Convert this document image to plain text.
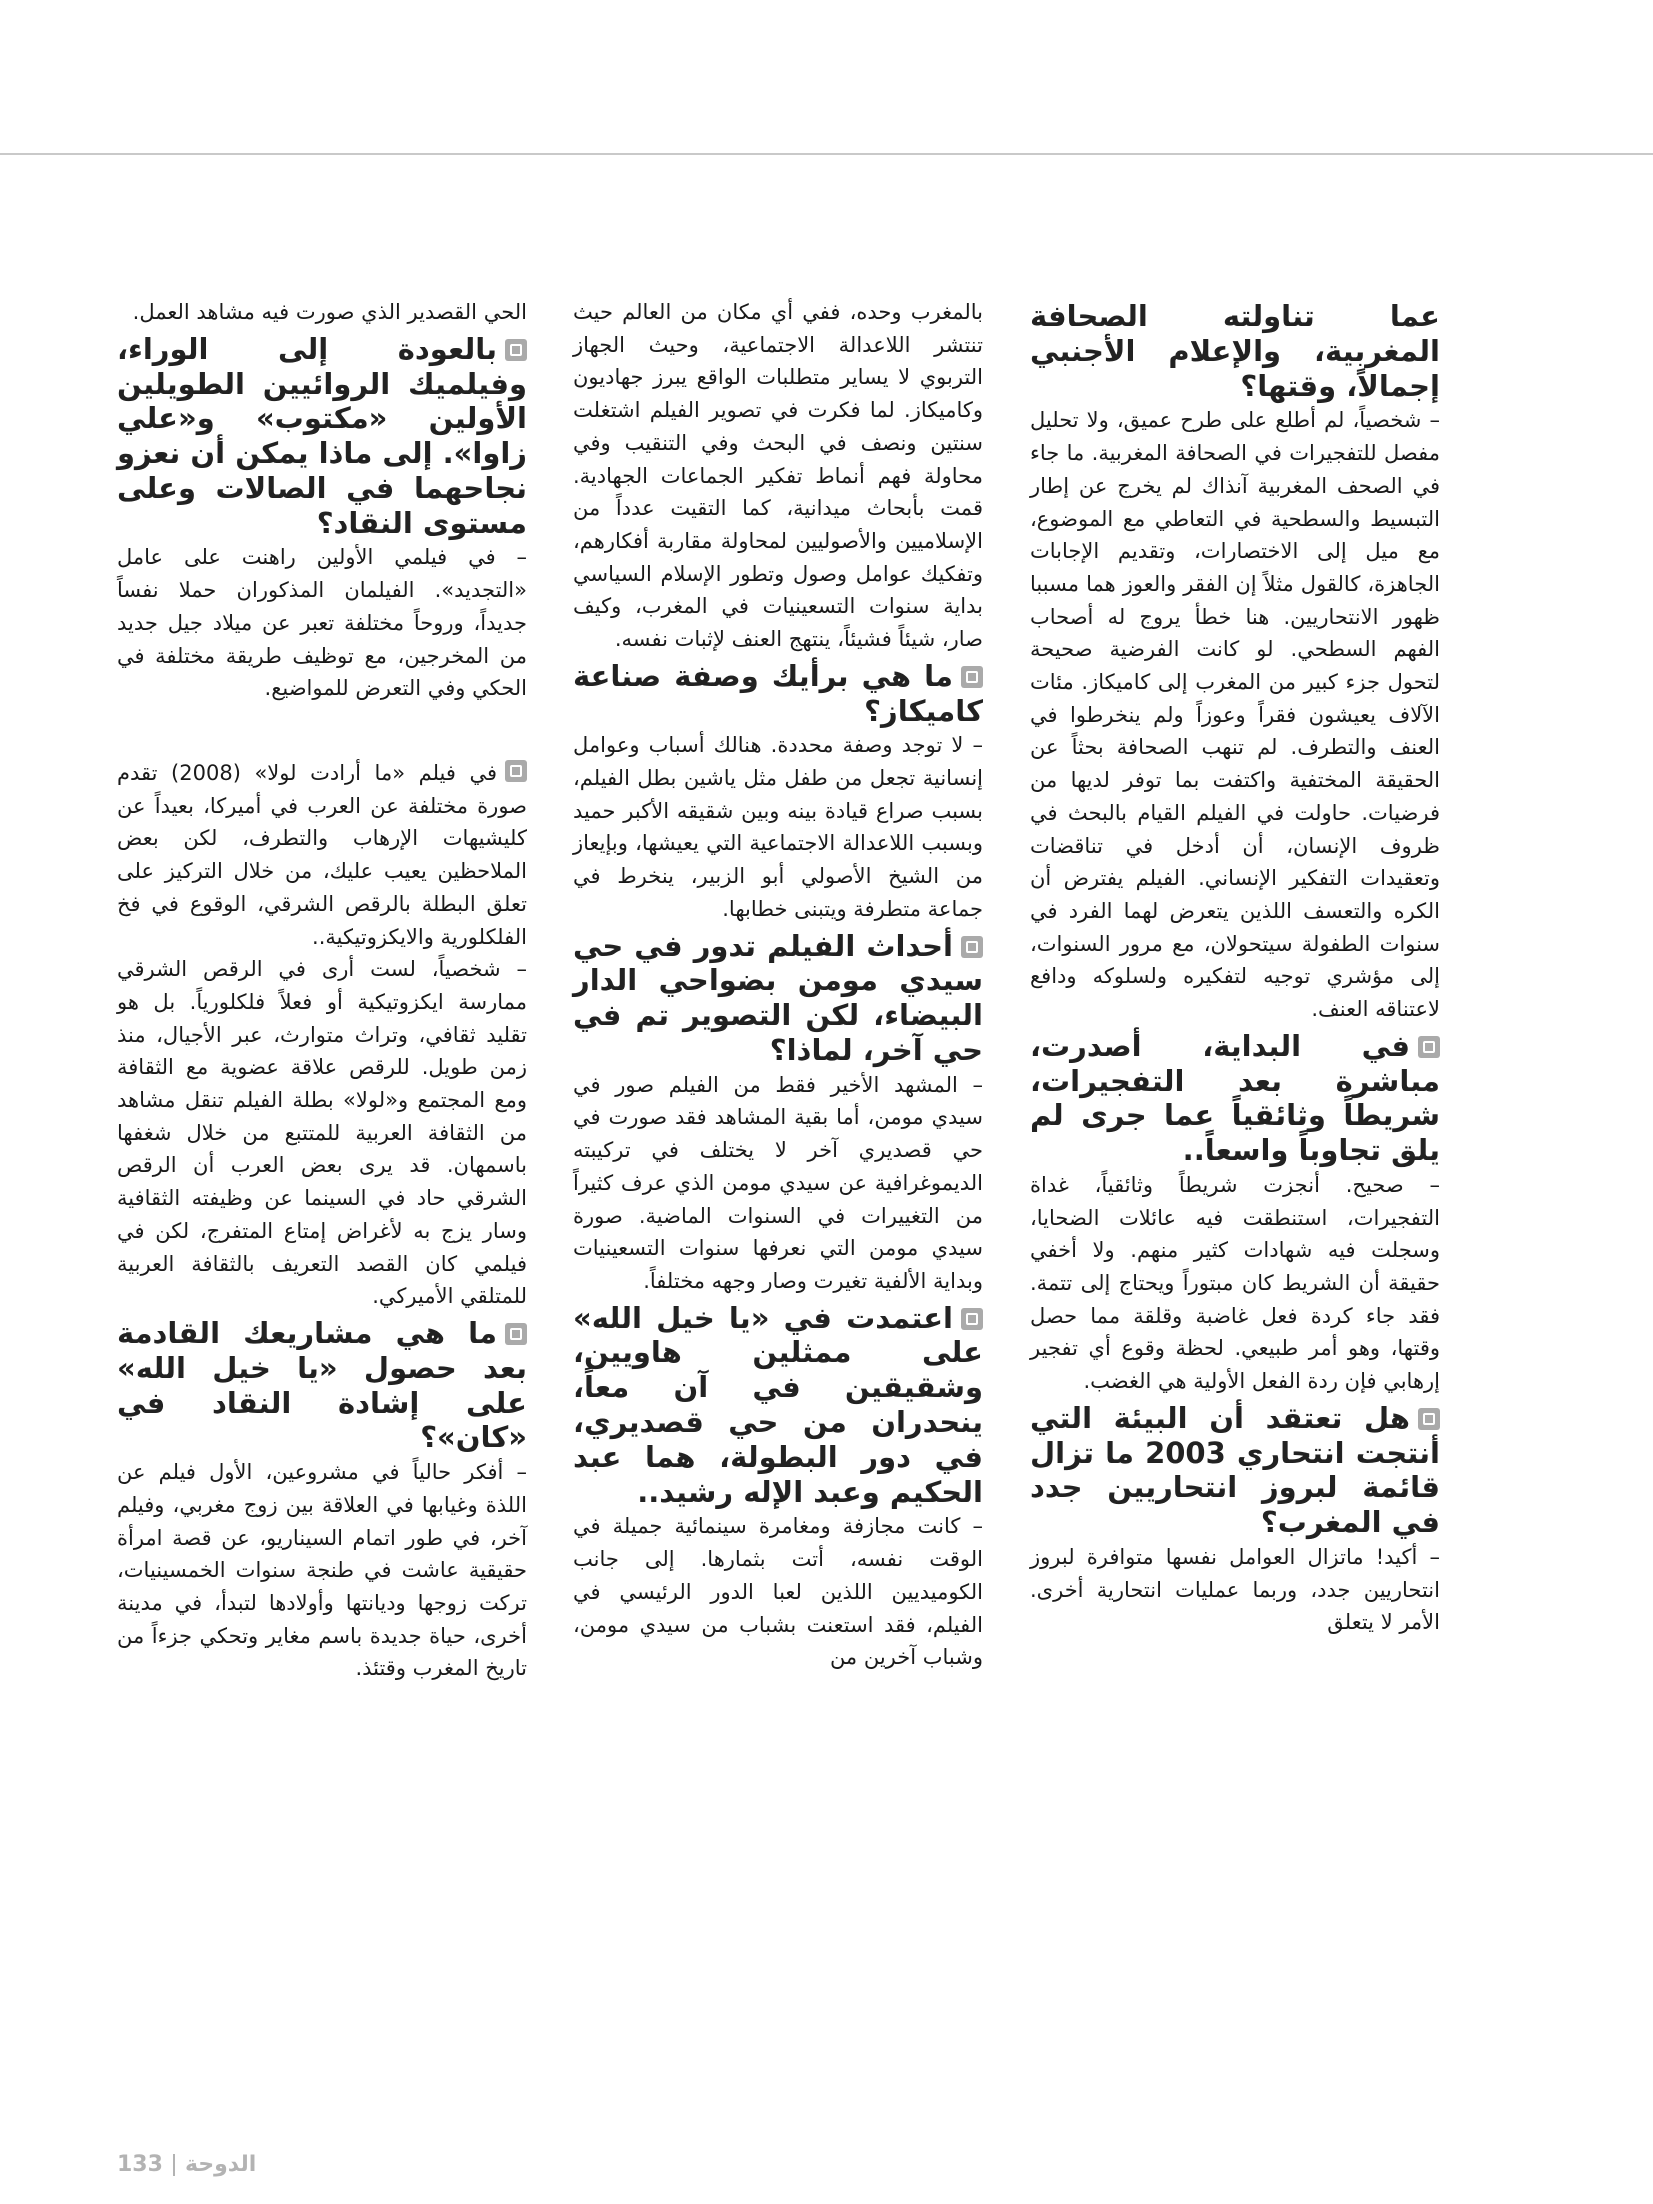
عما تناولته الصحافة المغربية، والإعلام الأجنبي إجمالاً، وقتها؟

– شخصياً، لم أطلع على طرح عميق، ولا تحليل مفصل للتفجيرات في الصحافة المغربية. ما جاء في الصحف المغربية آنذاك لم يخرج عن إطار التبسيط والسطحية في التعاطي مع الموضوع، مع ميل إلى الاختصارات، وتقديم الإجابات الجاهزة، كالقول مثلاً إن الفقر والعوز هما مسببا ظهور الانتحاريين. هنا خطأ يروج له أصحاب الفهم السطحي. لو كانت الفرضية صحيحة لتحول جزء كبير من المغرب إلى كاميكاز. مئات الآلاف يعيشون فقراً وعوزاً ولم ينخرطوا في العنف والتطرف. لم تنهب الصحافة بحثاً عن الحقيقة المختفية واكتفت بما توفر لديها من فرضيات. حاولت في الفيلم القيام بالبحث في ظروف الإنسان، أن أدخل في تناقضات وتعقيدات التفكير الإنساني. الفيلم يفترض أن الكره والتعسف اللذين يتعرض لهما الفرد في سنوات الطفولة سيتحولان، مع مرور السنوات، إلى مؤشري توجيه لتفكيره ولسلوكه ودافع لاعتناقه العنف.

في البداية، أصدرت، مباشرة بعد التفجيرات، شريطاً وثائقياً عما جرى لم يلق تجاوباً واسعاً..

– صحيح. أنجزت شريطاً وثائقياً، غداة التفجيرات، استنطقت فيه عائلات الضحايا، وسجلت فيه شهادات كثير منهم. ولا أخفي حقيقة أن الشريط كان مبتوراً ويحتاج إلى تتمة. فقد جاء كردة فعل غاضبة وقلقة مما حصل وقتها، وهو أمر طبيعي. لحظة وقوع أي تفجير إرهابي فإن ردة الفعل الأولية هي الغضب.

هل تعتقد أن البيئة التي أنتجت انتحاري 2003 ما تزال قائمة لبروز انتحاريين جدد في المغرب؟

– أكيد! ماتزال العوامل نفسها متوافرة لبروز انتحاريين جدد، وربما عمليات انتحارية أخرى. الأمر لا يتعلق

بالمغرب وحده، ففي أي مكان من العالم حيث تنتشر اللاعدالة الاجتماعية، وحيث الجهاز التربوي لا يساير متطلبات الواقع يبرز جهاديون وكاميكاز. لما فكرت في تصوير الفيلم اشتغلت سنتين ونصف في البحث وفي التنقيب وفي محاولة فهم أنماط تفكير الجماعات الجهادية. قمت بأبحاث ميدانية، كما التقيت عدداً من الإسلاميين والأصوليين لمحاولة مقاربة أفكارهم، وتفكيك عوامل وصول وتطور الإسلام السياسي بداية سنوات التسعينيات في المغرب، وكيف صار، شيئاً فشيئاً، ينتهج العنف لإثبات نفسه.

ما هي برأيك وصفة صناعة كاميكاز؟

– لا توجد وصفة محددة. هنالك أسباب وعوامل إنسانية تجعل من طفل مثل ياشين بطل الفيلم، بسبب صراع قيادة بينه وبين شقيقه الأكبر حميد وبسبب اللاعدالة الاجتماعية التي يعيشها، وبإيعاز من الشيخ الأصولي أبو الزبير، ينخرط في جماعة متطرفة ويتبنى خطابها.

أحداث الفيلم تدور في حي سيدي مومن بضواحي الدار البيضاء، لكن التصوير تم في حي آخر، لماذا؟

– المشهد الأخير فقط من الفيلم صور في سيدي مومن، أما بقية المشاهد فقد صورت في حي قصديري آخر لا يختلف في تركيبته الديموغرافية عن سيدي مومن الذي عرف كثيراً من التغييرات في السنوات الماضية. صورة سيدي مومن التي نعرفها سنوات التسعينيات وبداية الألفية تغيرت وصار وجهه مختلفاً.

اعتمدت في «يا خيل الله» على ممثلين هاويين، وشقيقين في آن معاً، ينحدران من حي قصديري، في دور البطولة، هما عبد الحكيم وعبد الإله رشيد..

– كانت مجازفة ومغامرة سينمائية جميلة في الوقت نفسه، أتت بثمارها. إلى جانب الكوميديين اللذين لعبا الدور الرئيسي في الفيلم، فقد استعنت بشباب من سيدي مومن، وشباب آخرين من

الحي القصدير الذي صورت فيه مشاهد العمل.

بالعودة إلى الوراء، وفيلميك الروائيين الطويلين الأولين «مكتوب» و«علي زاوا». إلى ماذا يمكن أن نعزو نجاحهما في الصالات وعلى مستوى النقاد؟

– في فيلمي الأولين راهنت على عامل «التجديد». الفيلمان المذكوران حملا نفساً جديداً، وروحاً مختلفة تعبر عن ميلاد جيل جديد من المخرجين، مع توظيف طريقة مختلفة في الحكي وفي التعرض للمواضيع.

في فيلم «ما أرادت لولا» (2008) تقدم صورة مختلفة عن العرب في أميركا، بعيداً عن كليشيهات الإرهاب والتطرف، لكن بعض الملاحظين يعيب عليك، من خلال التركيز على تعلق البطلة بالرقص الشرقي، الوقوع في فخ الفلكلورية والايكزوتيكية..

– شخصياً، لست أرى في الرقص الشرقي ممارسة ايكزوتيكية أو فعلاً فلكلورياً. بل هو تقليد ثقافي، وتراث متوارث، عبر الأجيال، منذ زمن طويل. للرقص علاقة عضوية مع الثقافة ومع المجتمع و«لولا» بطلة الفيلم تنقل مشاهد من الثقافة العربية للمتتبع من خلال شغفها باسمهان. قد يرى بعض العرب أن الرقص الشرقي حاد في السينما عن وظيفته الثقافية وسار يزج به لأغراض إمتاع المتفرج، لكن في فيلمي كان القصد التعريف بالثقافة العربية للمتلقي الأميركي.

ما هي مشاريعك القادمة بعد حصول «يا خيل الله» على إشادة النقاد في «كان»؟

– أفكر حالياً في مشروعين، الأول فيلم عن اللذة وغيابها في العلاقة بين زوج مغربي، وفيلم آخر، في طور اتمام السيناريو، عن قصة امرأة حقيقية عاشت في طنجة سنوات الخمسينيات، تركت زوجها وديانتها وأولادها لتبدأ، في مدينة أخرى، حياة جديدة باسم مغاير وتحكي جزءاً من تاريخ المغرب وقتئذ.

133 الدوحة
